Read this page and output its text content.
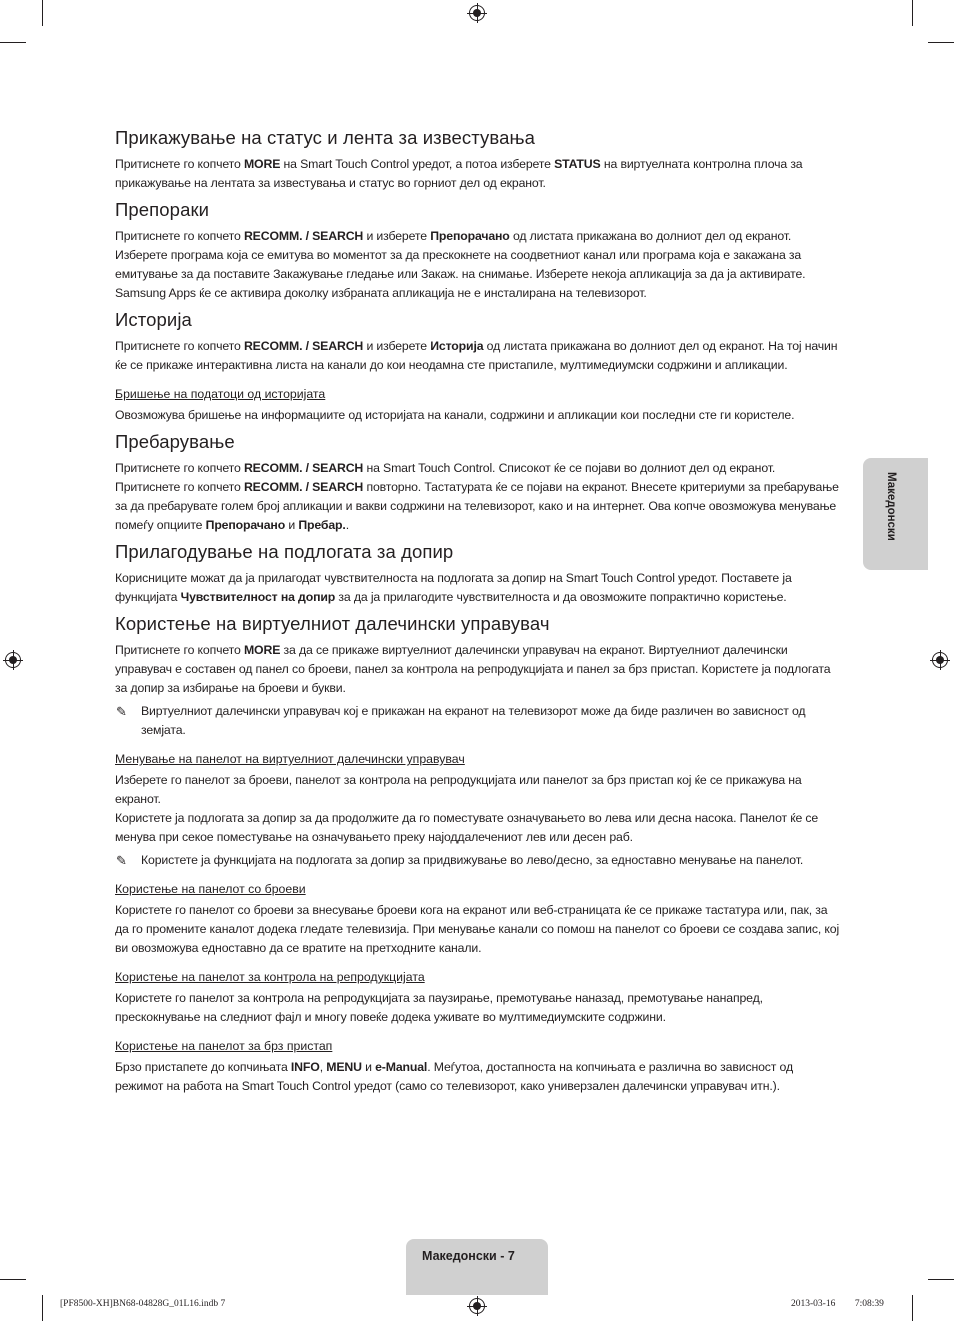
Прикажување на статус и лента за известувања

Притиснете го копчето MORE на Smart Touch Control уредот, а потоа изберете STATUS на виртуелната контролна плоча за прикажување на лентата за известувања и статус во горниот дел од екранот.

Препораки

Притиснете го копчето RECOMM. / SEARCH и изберете Препорачано од листата прикажана во долниот дел од екранот. Изберете програма која се емитува во моментот за да прескокнете на соодветниот канал или програма која е закажана за емитување за да поставите Закажување гледање или Закаж. на снимање. Изберете некоја апликација за да ја активирате. Samsung Apps ќе се активира доколку избраната апликација не е инсталирана на телевизорот.

Историја

Притиснете го копчето RECOMM. / SEARCH и изберете Историја од листата прикажана во долниот дел од екранот. На тој начин ќе се прикаже интерактивна листа на канали до кои неодамна сте пристапиле, мултимедиумски содржини и апликации.

Бришење на податоци од историјата

Овозможува бришење на информациите од историјата на канали, содржини и апликации кои последни сте ги користеле.

Пребарување

Притиснете го копчето RECOMM. / SEARCH на Smart Touch Control. Списокот ќе се појави во долниот дел од екранот. Притиснете го копчето RECOMM. / SEARCH повторно. Тастатурата ќе се појави на екранот. Внесете критериуми за пребарување за да пребарувате голем број апликации и вакви содржини на телевизорот, како и на интернет. Ова копче овозможува менување помеѓу опциите Препорачано и Пребар..

Прилагодување на подлогата за допир

Корисниците можат да ја прилагодат чувствителноста на подлогата за допир на Smart Touch Control уредот. Поставете ја функцијата Чувствителност на допир за да ја прилагодите чувствителноста и да овозможите попрактично користење.

Користење на виртуелниот далечински управувач

Притиснете го копчето MORE за да се прикаже виртуелниот далечински управувач на екранот. Виртуелниот далечински управувач е составен од панел со броеви, панел за контрола на репродукцијата и панел за брз пристап. Користете ја подлогата за допир за избирање на броеви и букви.

✎	Виртуелниот далечински управувач кој е прикажан на екранот на телевизорот може да биде различен во зависност од земјата.
Менување на панелот на виртуелниот далечински управувач

Изберете го панелот за броеви, панелот за контрола на репродукцијата или панелот за брз пристап кој ќе се прикажува на екранот.

Користете ја подлогата за допир за да продолжите да го поместувате означувањето во лева или десна насока. Панелот ќе се менува при секое поместување на означувањето преку најоддалечениот лев или десен раб.

✎	Користете ја функцијата на подлогата за допир за придвижување во лево/десно, за едноставно менување на панелот.
Користење на панелот со броеви

Користете го панелот со броеви за внесување броеви кога на екранот или веб-страницата ќе се прикаже тастатура или, пак, за да го промените каналот додека гледате телевизија. При менување канали со помош на панелот со броеви се создава запис, кој ви овозможува едноставно да се вратите на претходните канали.

Користење на панелот за контрола на репродукцијата

Користете го панелот за контрола на репродукцијата за паузирање, премотување наназад, премотување нанапред, прескокнување на следниот фајл и многу повеќе додека уживате во мултимедиумските содржини.

Користење на панелот за брз пристап

Брзо пристапете до копчињата INFO, MENU и e-Manual. Меѓутоа, достапноста на копчињата е различна во зависност од режимот на работа на Smart Touch Control уредот (само со телевизорот, како универзален далечински управувач итн.).

Македонски
Македонски - 7
[PF8500-XH]BN68-04828G_01L16.indb 7	2013-03-16 ￿￿ 7:08:39
